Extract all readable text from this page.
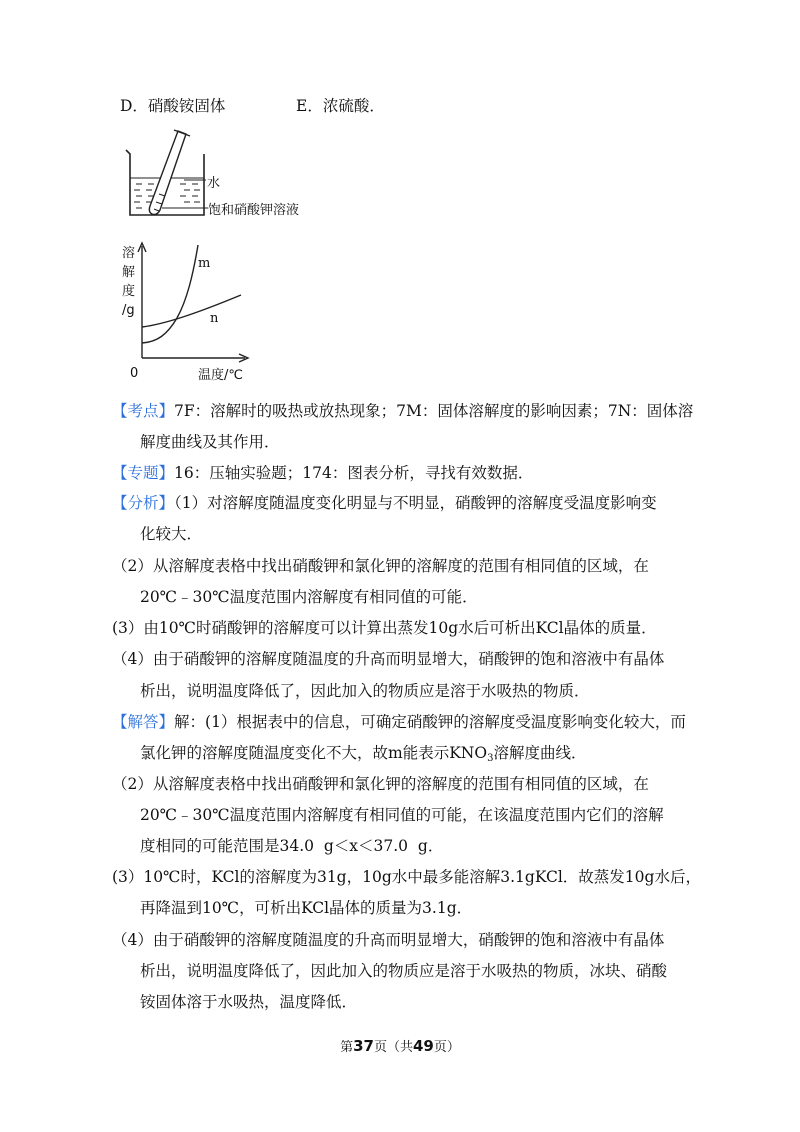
D．硝酸铵固体	E．浓硫酸．
水
饱和硝酸钾溶液
溶
解
度
/g
m
n
0	温度/℃
【考点】7F：溶解时的吸热或放热现象；7M：固体溶解度的影响因素；7N：固体溶
解度曲线及其作用．
【专题】16：压轴实验题；174：图表分析，寻找有效数据．
【分析】（1）对溶解度随温度变化明显与不明显，硝酸钾的溶解度受温度影响变
化较大．
（2）从溶解度表格中找出硝酸钾和氯化钾的溶解度的范围有相同值的区域，在
20℃﹣30℃温度范围内溶解度有相同值的可能．
(3）由10℃时硝酸钾的溶解度可以计算出蒸发10g水后可析出KCl晶体的质量．
（4）由于硝酸钾的溶解度随温度的升高而明显增大，硝酸钾的饱和溶液中有晶体
析出，说明温度降低了，因此加入的物质应是溶于水吸热的物质．
【解答】解：(1）根据表中的信息，可确定硝酸钾的溶解度受温度影响变化较大，而
氯化钾的溶解度随温度变化不大，故m能表示$KNO_3$溶解度曲线．
（2）从溶解度表格中找出硝酸钾和氯化钾的溶解度的范围有相同值的区域，在
20℃﹣30℃温度范围内溶解度有相同值的可能，在该温度范围内它们的溶解
度相同的可能范围是34.0  g＜x＜37.0  g．
(3）10℃时，KCl的溶解度为31g，10g水中最多能溶解3.1gKCl．故蒸发10g水后，
再降温到10℃，可析出KCl晶体的质量为3.1g．
（4）由于硝酸钾的溶解度随温度的升高而明显增大，硝酸钾的饱和溶液中有晶体
析出，说明温度降低了，因此加入的物质应是溶于水吸热的物质，冰块、硝酸
铵固体溶于水吸热，温度降低．
第37页（共49页）
